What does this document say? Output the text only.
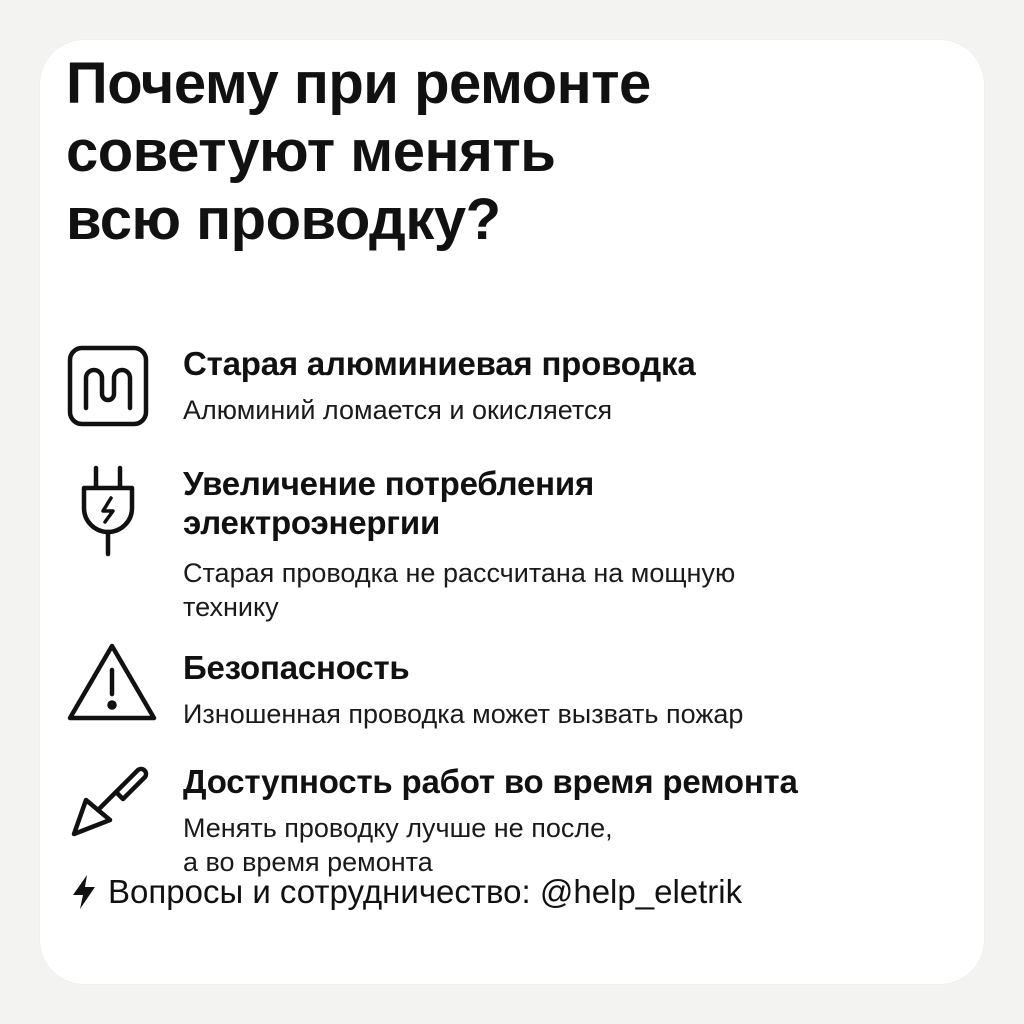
Почему при ремонте
советуют менять
всю проводку?
Старая алюминиевая проводка

Алюминий ломается и окисляется

Увеличение потребления электроэнергии

Старая проводка не рассчитана на мощную
технику

Безопасность

Изношенная проводка может вызвать пожар

Доступность работ во время ремонта

Менять проводку лучше не после,
а во время ремонта

Вопросы и сотрудничество: @help_eletrik
